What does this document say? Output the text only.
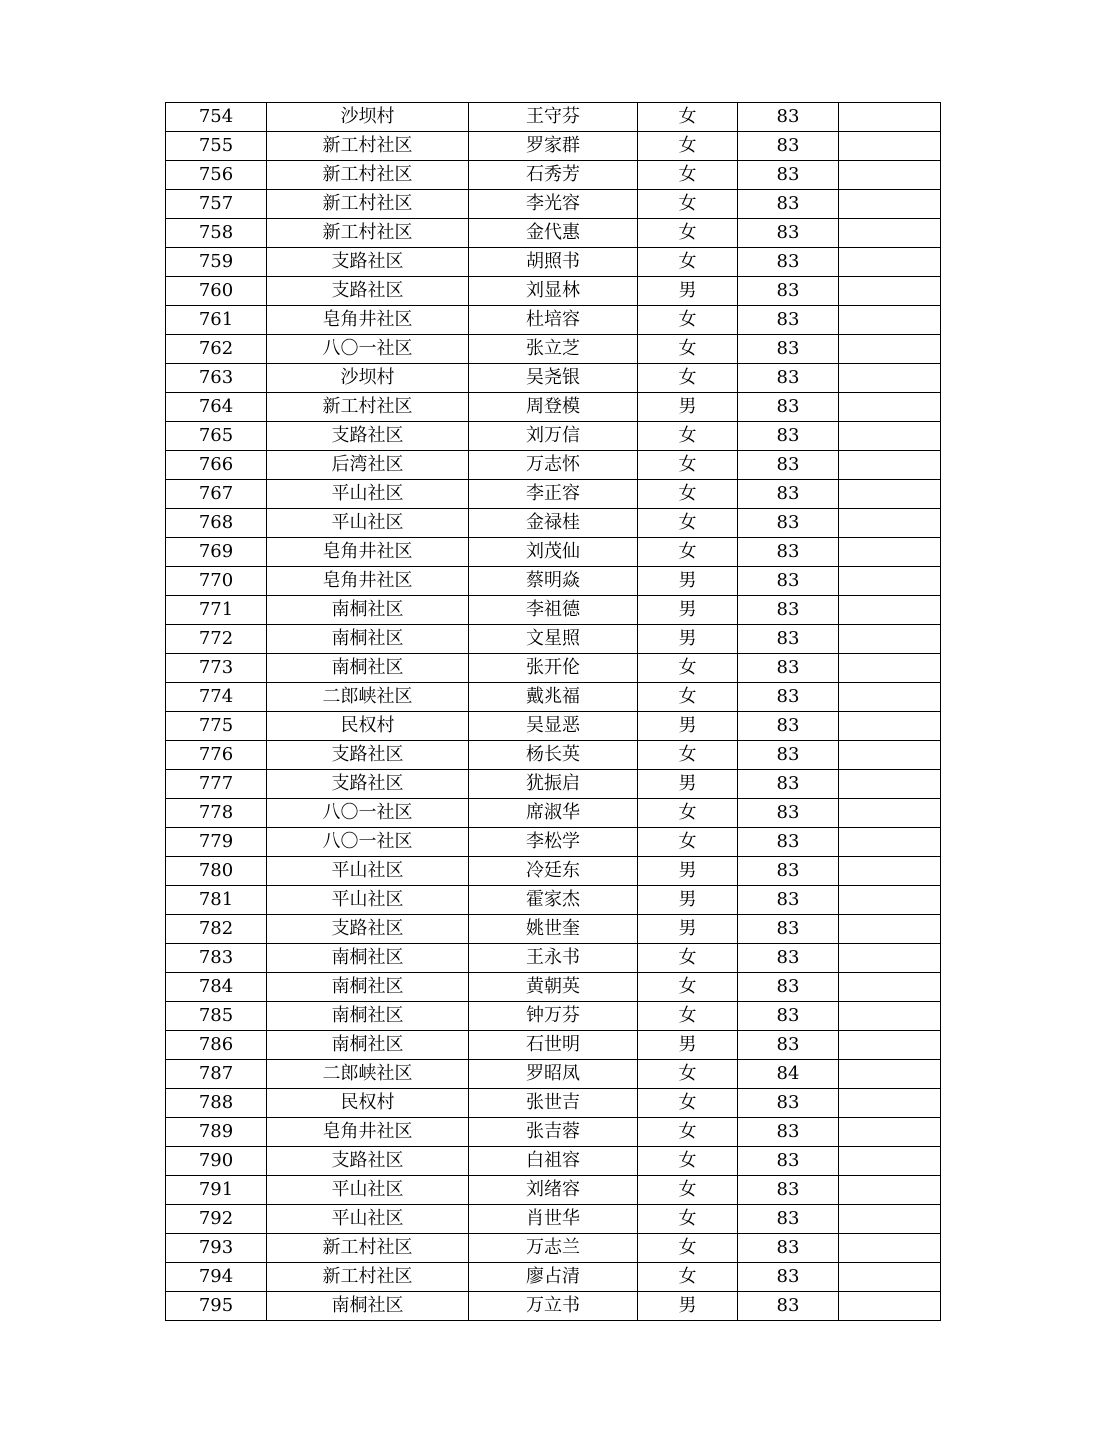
754	沙坝村	王守芬	女	83	
755	新工村社区	罗家群	女	83	
756	新工村社区	石秀芳	女	83	
757	新工村社区	李光容	女	83	
758	新工村社区	金代惠	女	83	
759	支路社区	胡照书	女	83	
760	支路社区	刘显林	男	83	
761	皂角井社区	杜培容	女	83	
762	八〇一社区	张立芝	女	83	
763	沙坝村	吴尧银	女	83	
764	新工村社区	周登模	男	83	
765	支路社区	刘万信	女	83	
766	后湾社区	万志怀	女	83	
767	平山社区	李正容	女	83	
768	平山社区	金禄桂	女	83	
769	皂角井社区	刘茂仙	女	83	
770	皂角井社区	蔡明焱	男	83	
771	南桐社区	李祖德	男	83	
772	南桐社区	文星照	男	83	
773	南桐社区	张开伦	女	83	
774	二郎峡社区	戴兆福	女	83	
775	民权村	吴显恶	男	83	
776	支路社区	杨长英	女	83	
777	支路社区	犹振启	男	83	
778	八〇一社区	席淑华	女	83	
779	八〇一社区	李松学	女	83	
780	平山社区	冷廷东	男	83	
781	平山社区	霍家杰	男	83	
782	支路社区	姚世奎	男	83	
783	南桐社区	王永书	女	83	
784	南桐社区	黄朝英	女	83	
785	南桐社区	钟万芬	女	83	
786	南桐社区	石世明	男	83	
787	二郎峡社区	罗昭凤	女	84	
788	民权村	张世吉	女	83	
789	皂角井社区	张吉蓉	女	83	
790	支路社区	白祖容	女	83	
791	平山社区	刘绪容	女	83	
792	平山社区	肖世华	女	83	
793	新工村社区	万志兰	女	83	
794	新工村社区	廖占清	女	83	
795	南桐社区	万立书	男	83	
